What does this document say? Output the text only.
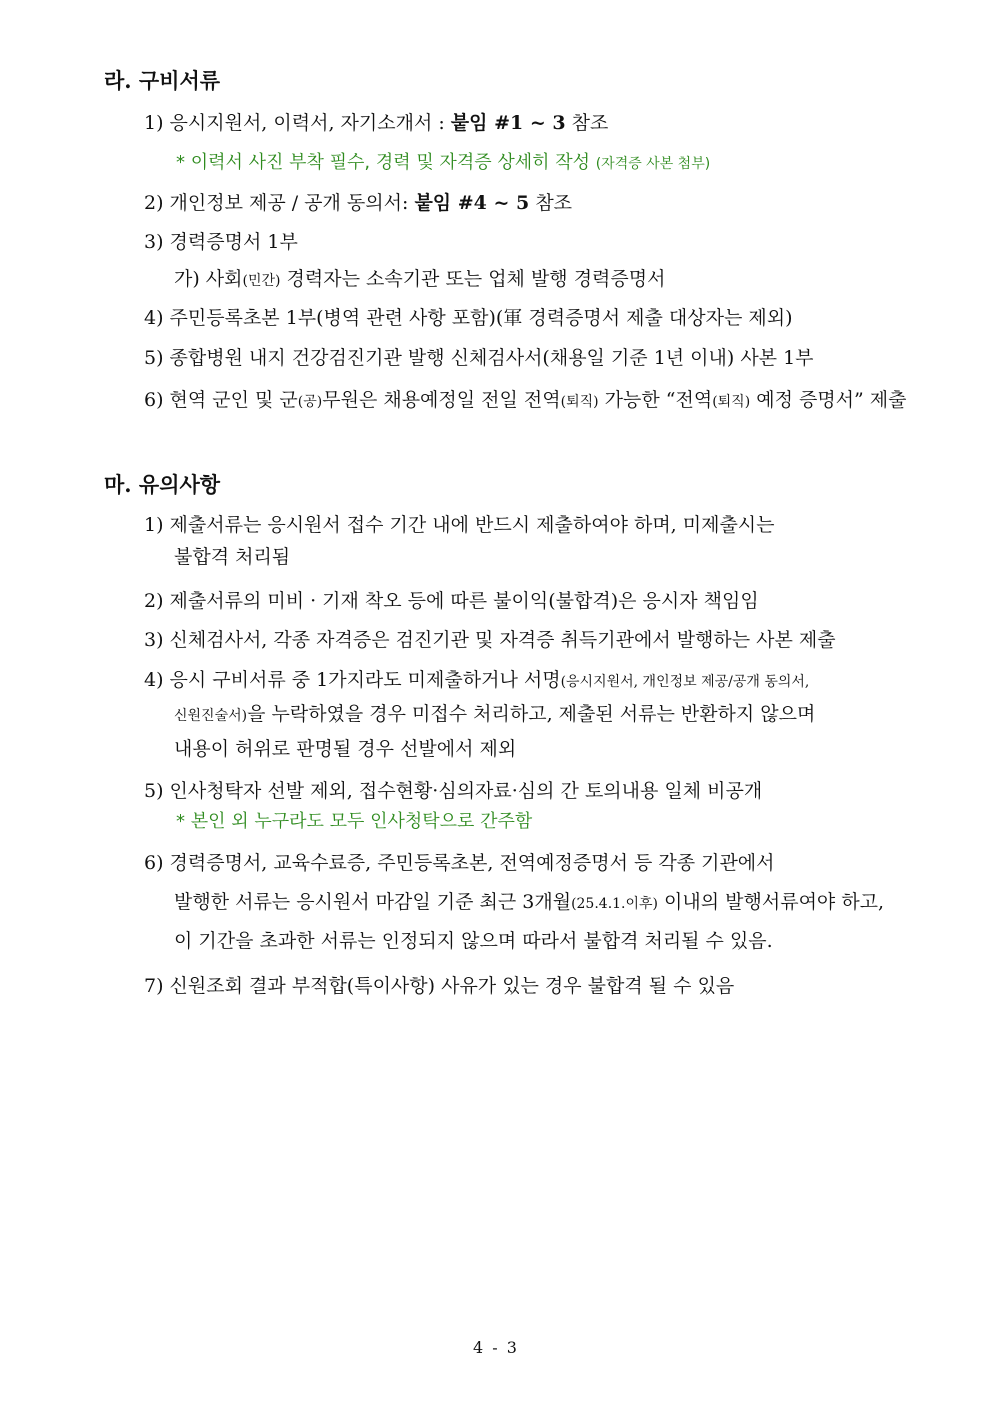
라. 구비서류
1) 응시지원서, 이력서, 자기소개서 : 붙임 #1 ~ 3 참조
* 이력서 사진 부착 필수, 경력 및 자격증 상세히 작성 (자격증 사본 첨부)
2) 개인정보 제공 / 공개 동의서: 붙임 #4 ~ 5 참조
3) 경력증명서 1부
가) 사회(민간) 경력자는 소속기관 또는 업체 발행 경력증명서
4) 주민등록초본 1부(병역 관련 사항 포함)(軍 경력증명서 제출 대상자는 제외)
5) 종합병원 내지 건강검진기관 발행 신체검사서(채용일 기준 1년 이내) 사본 1부
6) 현역 군인 및 군(공)무원은 채용예정일 전일 전역(퇴직) 가능한 “전역(퇴직) 예정 증명서” 제출
마. 유의사항
1) 제출서류는 응시원서 접수 기간 내에 반드시 제출하여야 하며, 미제출시는
불합격 처리됨
2) 제출서류의 미비 · 기재 착오 등에 따른 불이익(불합격)은 응시자 책임임
3) 신체검사서, 각종 자격증은 검진기관 및 자격증 취득기관에서 발행하는 사본 제출
4) 응시 구비서류 중 1가지라도 미제출하거나 서명(응시지원서, 개인정보 제공/공개 동의서,
신원진술서)을 누락하였을 경우 미접수 처리하고, 제출된 서류는 반환하지 않으며
내용이 허위로 판명될 경우 선발에서 제외
5) 인사청탁자 선발 제외, 접수현황·심의자료·심의 간 토의내용 일체 비공개
* 본인 외 누구라도 모두 인사청탁으로 간주함
6) 경력증명서, 교육수료증, 주민등록초본, 전역예정증명서 등 각종 기관에서
발행한 서류는 응시원서 마감일 기준 최근 3개월(25.4.1.이후) 이내의 발행서류여야 하고,
이 기간을 초과한 서류는 인정되지 않으며 따라서 불합격 처리될 수 있음.
7) 신원조회 결과 부적합(특이사항) 사유가 있는 경우 불합격 될 수 있음
4 - 3
